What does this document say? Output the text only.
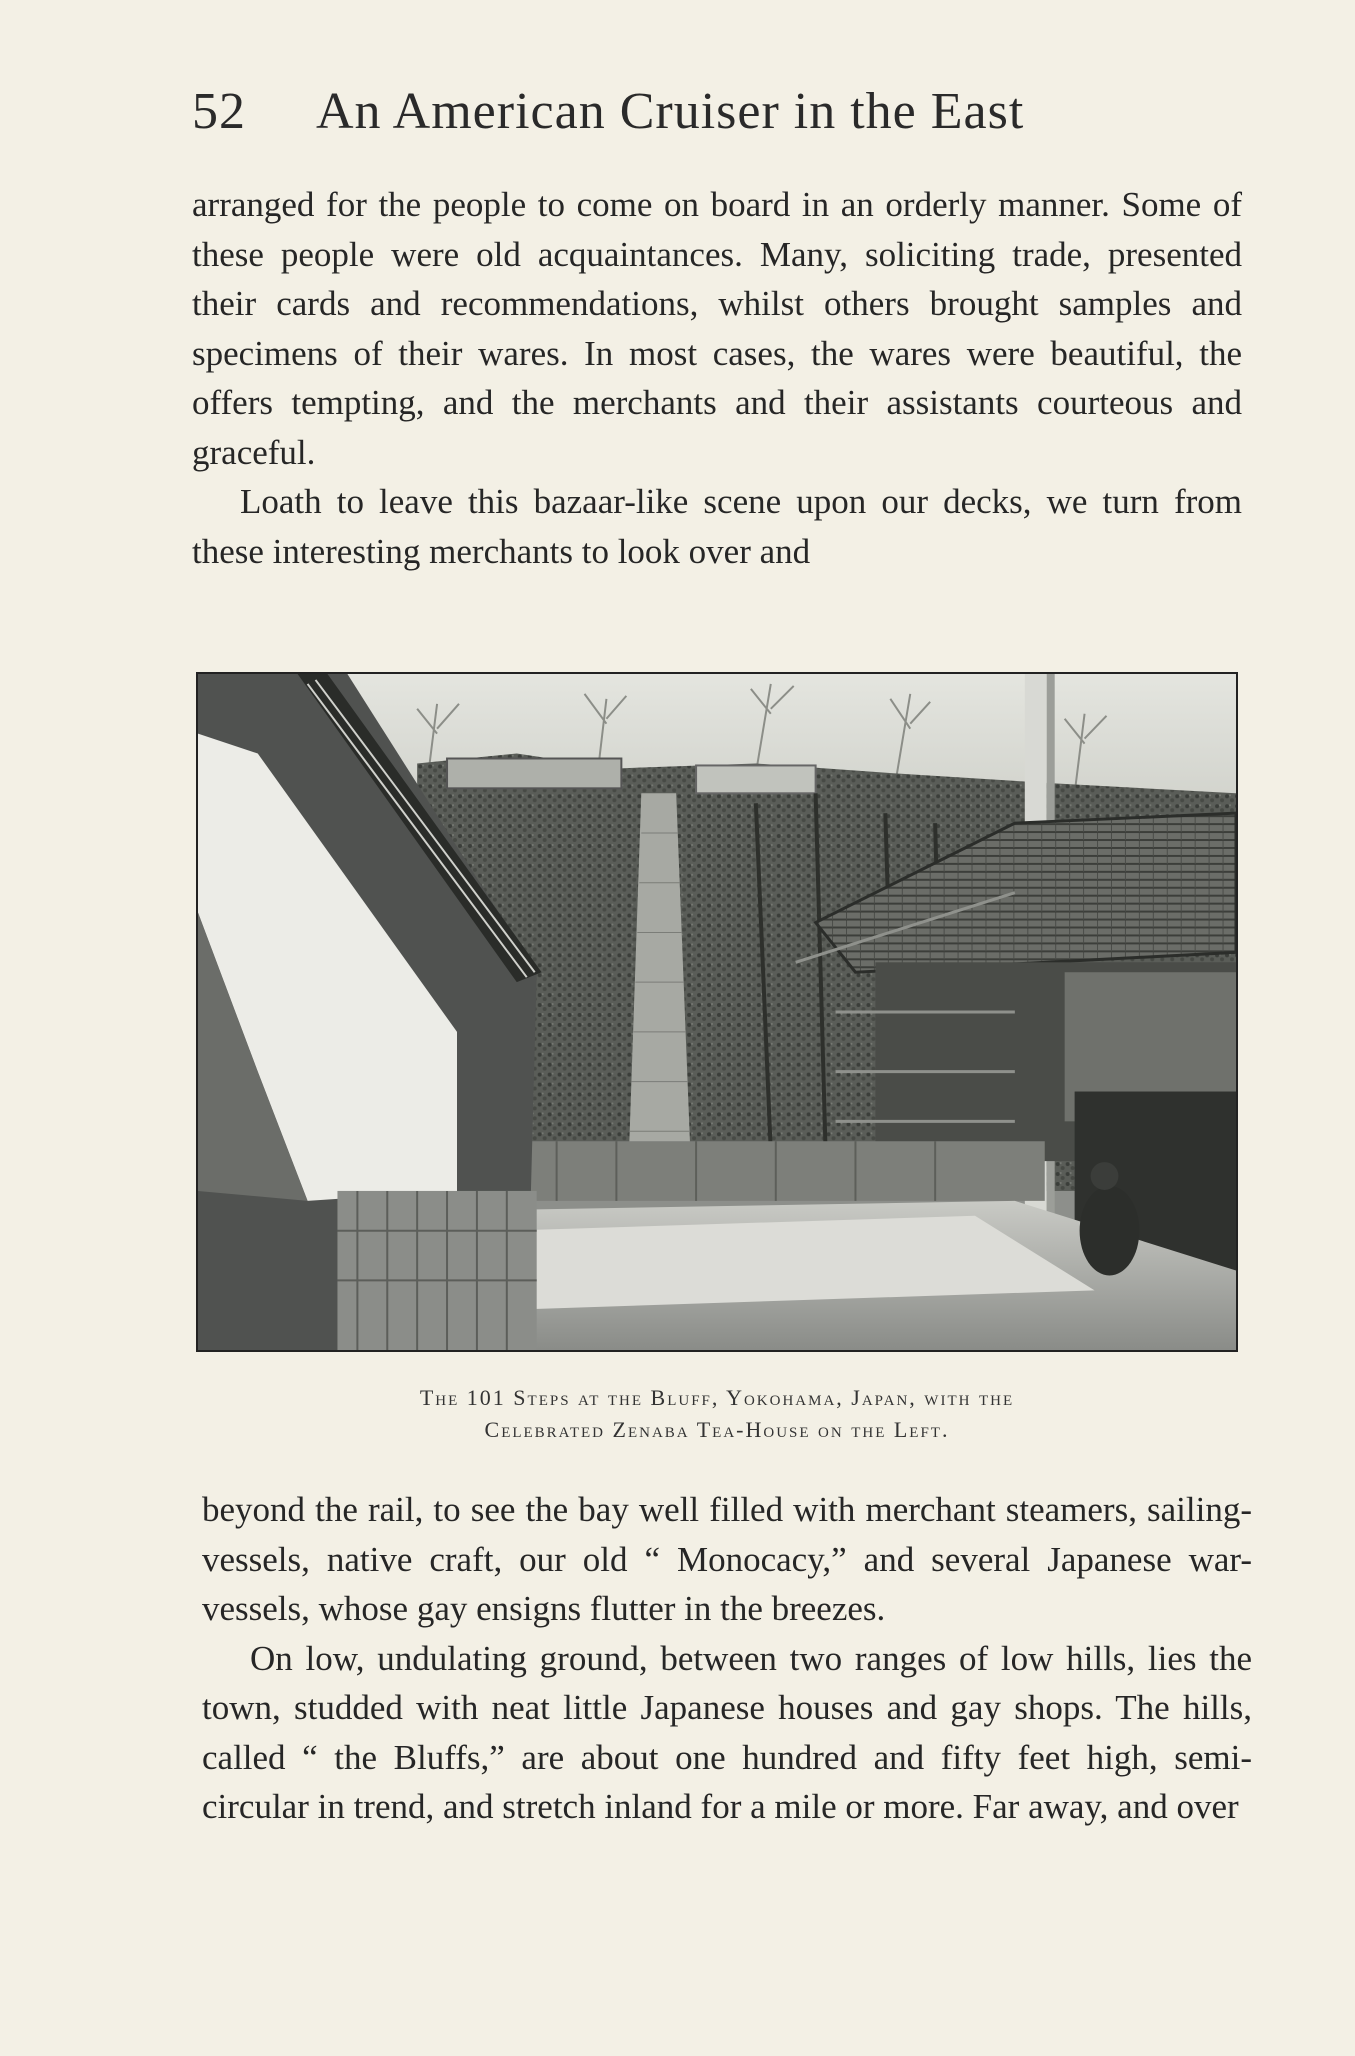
52 An American Cruiser in the East

arranged for the people to come on board in an orderly manner. Some of these people were old acquaintances. Many, soliciting trade, presented their cards and recommendations, whilst others brought samples and specimens of their wares. In most cases, the wares were beautiful, the offers tempting, and the merchants and their assistants courteous and graceful.

Loath to leave this bazaar-like scene upon our decks, we turn from these interesting merchants to look over and

The 101 Steps at the Bluff, Yokohama, Japan, with the
Celebrated Zenaba Tea-House on the Left.

beyond the rail, to see the bay well filled with merchant steamers, sailing-vessels, native craft, our old “ Monocacy,” and several Japanese war-vessels, whose gay ensigns flutter in the breezes.

On low, undulating ground, between two ranges of low hills, lies the town, studded with neat little Japanese houses and gay shops. The hills, called “ the Bluffs,” are about one hundred and fifty feet high, semi-circular in trend, and stretch inland for a mile or more. Far away, and over
